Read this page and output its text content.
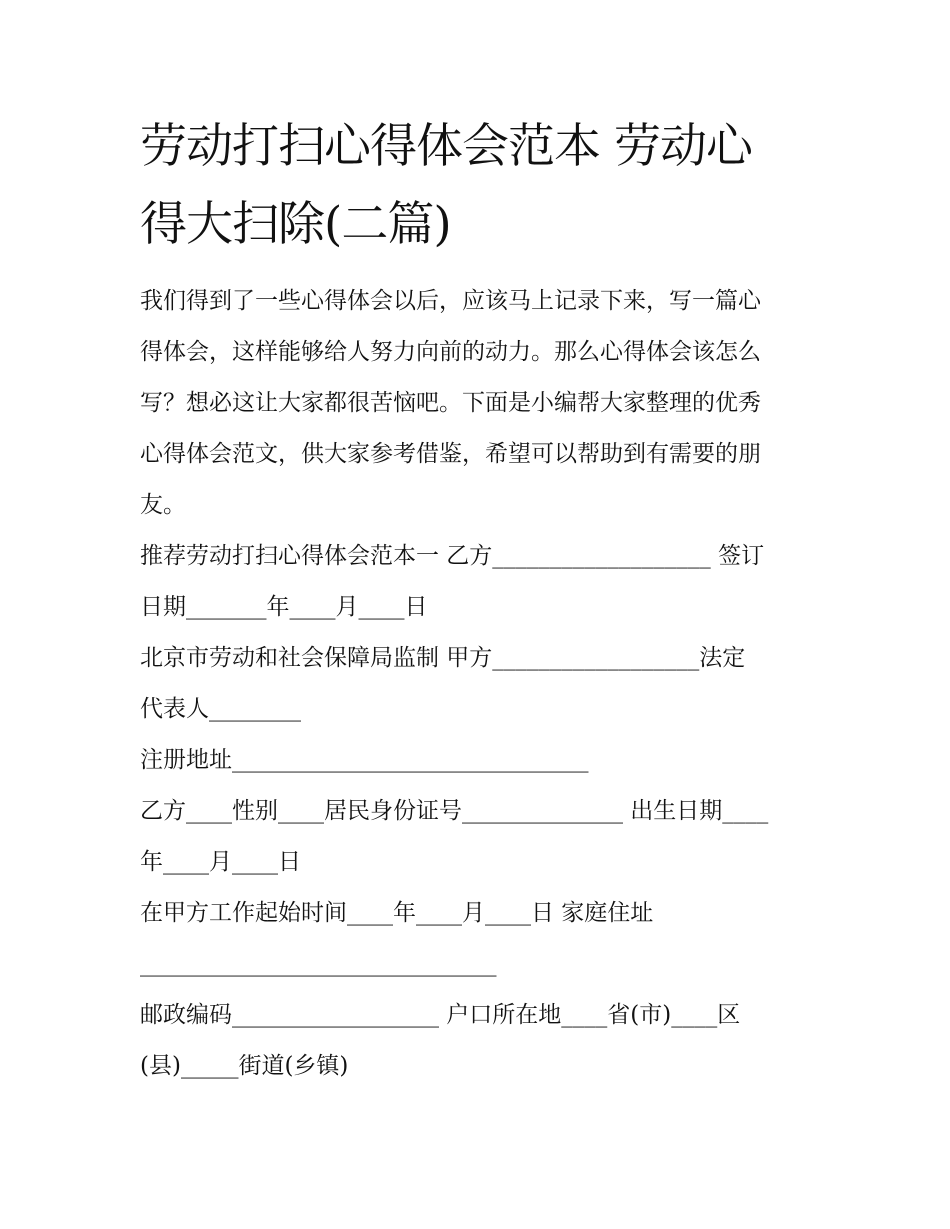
劳动打扫心得体会范本 劳动心
得大扫除(二篇)
我们得到了一些心得体会以后，应该马上记录下来，写一篇心
得体会，这样能够给人努力向前的动力。那么心得体会该怎么
写？想必这让大家都很苦恼吧。下面是小编帮大家整理的优秀
心得体会范文，供大家参考借鉴，希望可以帮助到有需要的朋
友。
推荐劳动打扫心得体会范本一 乙方___________________ 签订
日期_______年____月____日
北京市劳动和社会保障局监制 甲方__________________法定
代表人________
注册地址_______________________________
乙方____性别____居民身份证号______________ 出生日期____
年____月____日
在甲方工作起始时间____年____月____日 家庭住址
_______________________________
邮政编码__________________ 户口所在地____省(市)____区
(县)_____街道(乡镇)
